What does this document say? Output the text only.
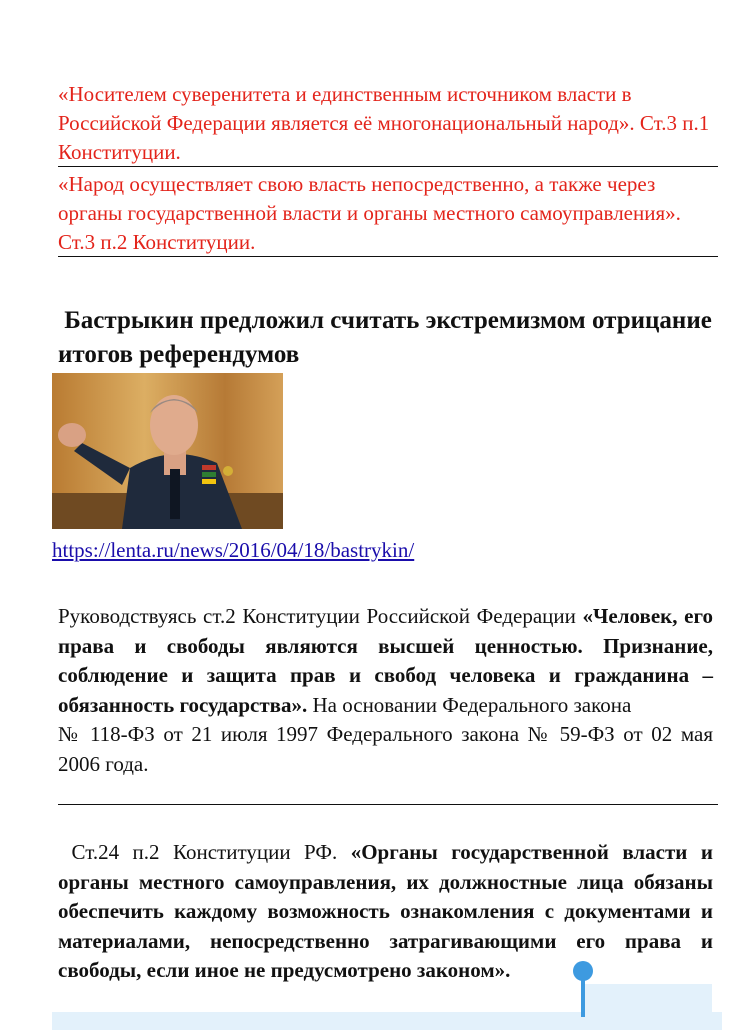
«Носителем суверенитета и единственным источником власти в Российской Федерации является её многонациональный народ». Ст.3 п.1 Конституции.
«Народ осуществляет свою власть непосредственно, а также через органы государственной власти и органы местного самоуправления». Ст.3 п.2 Конституции.
Бастрыкин предложил считать экстремизмом отрицание итогов референдумов
https://lenta.ru/news/2016/04/18/bastrykin/
Руководствуясь ст.2 Конституции Российской Федерации «Человек, его права и свободы являются высшей ценностью. Признание, соблюдение и защита прав и свобод человека и гражданина – обязанность государства». На основании Федерального закона
№ 118-ФЗ от 21 июля 1997 Федерального закона № 59-ФЗ от 02 мая 2006 года.
Ст.24 п.2 Конституции РФ. «Органы государственной власти и органы местного самоуправления, их должностные лица обязаны обеспечить каждому возможность ознакомления с документами и материалами, непосредственно затрагивающими его права и свободы, если иное не предусмотрено законом».
